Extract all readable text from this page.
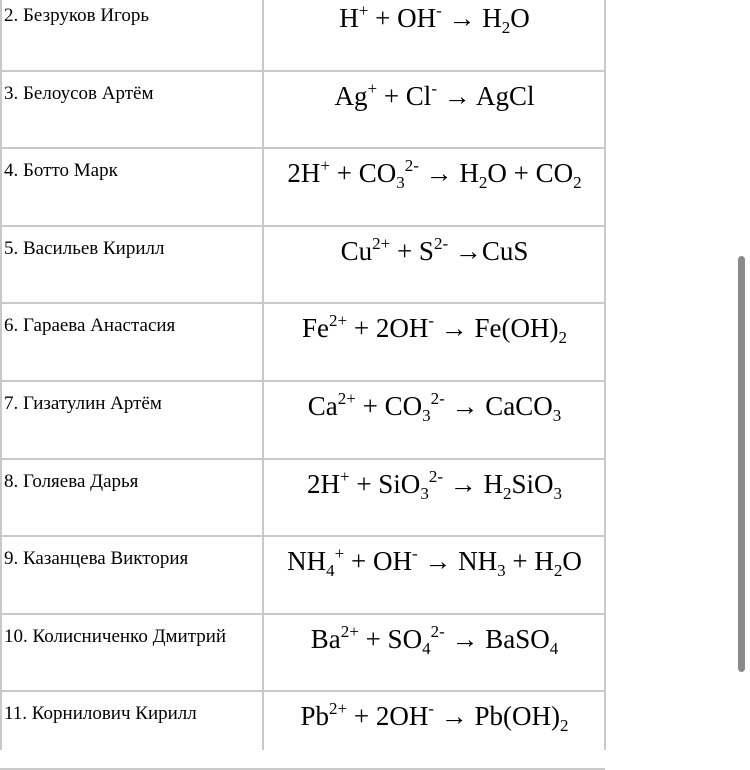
2. Безруков Игорь	$H^+ + OH^- \to H_2O$
3. Белоусов Артём	Ag+ + Cl- → AgCl
4. Ботто Марк	$2H^+ + CO_3^{2-} \to H_2O + CO_2$
5. Васильев Кирилл	$Cu^{2+} + S^{2-} \to CuS$
6. Гараева Анастасия	$Fe^{2+} + 2OH^- \to Fe(OH)_2$
7. Гизатулин Артём	$Ca^{2+} + CO_3^{2-}$ → CaCO$_3$
8. Голяева Дарья	$2H^+ + SiO_3^{2-} \to H_2SiO_3$
9. Казанцева Виктория	$NH_4^+ + OH^- \to NH_3 + H_2O$
10. Колисниченко Дмитрий	$Ba^{2+} + SO_4^{2-}$ → BaSO$_4$
11. Корнилович Кирилл	$Pb^{2+} + 2OH^- \to Pb(OH)_2$
